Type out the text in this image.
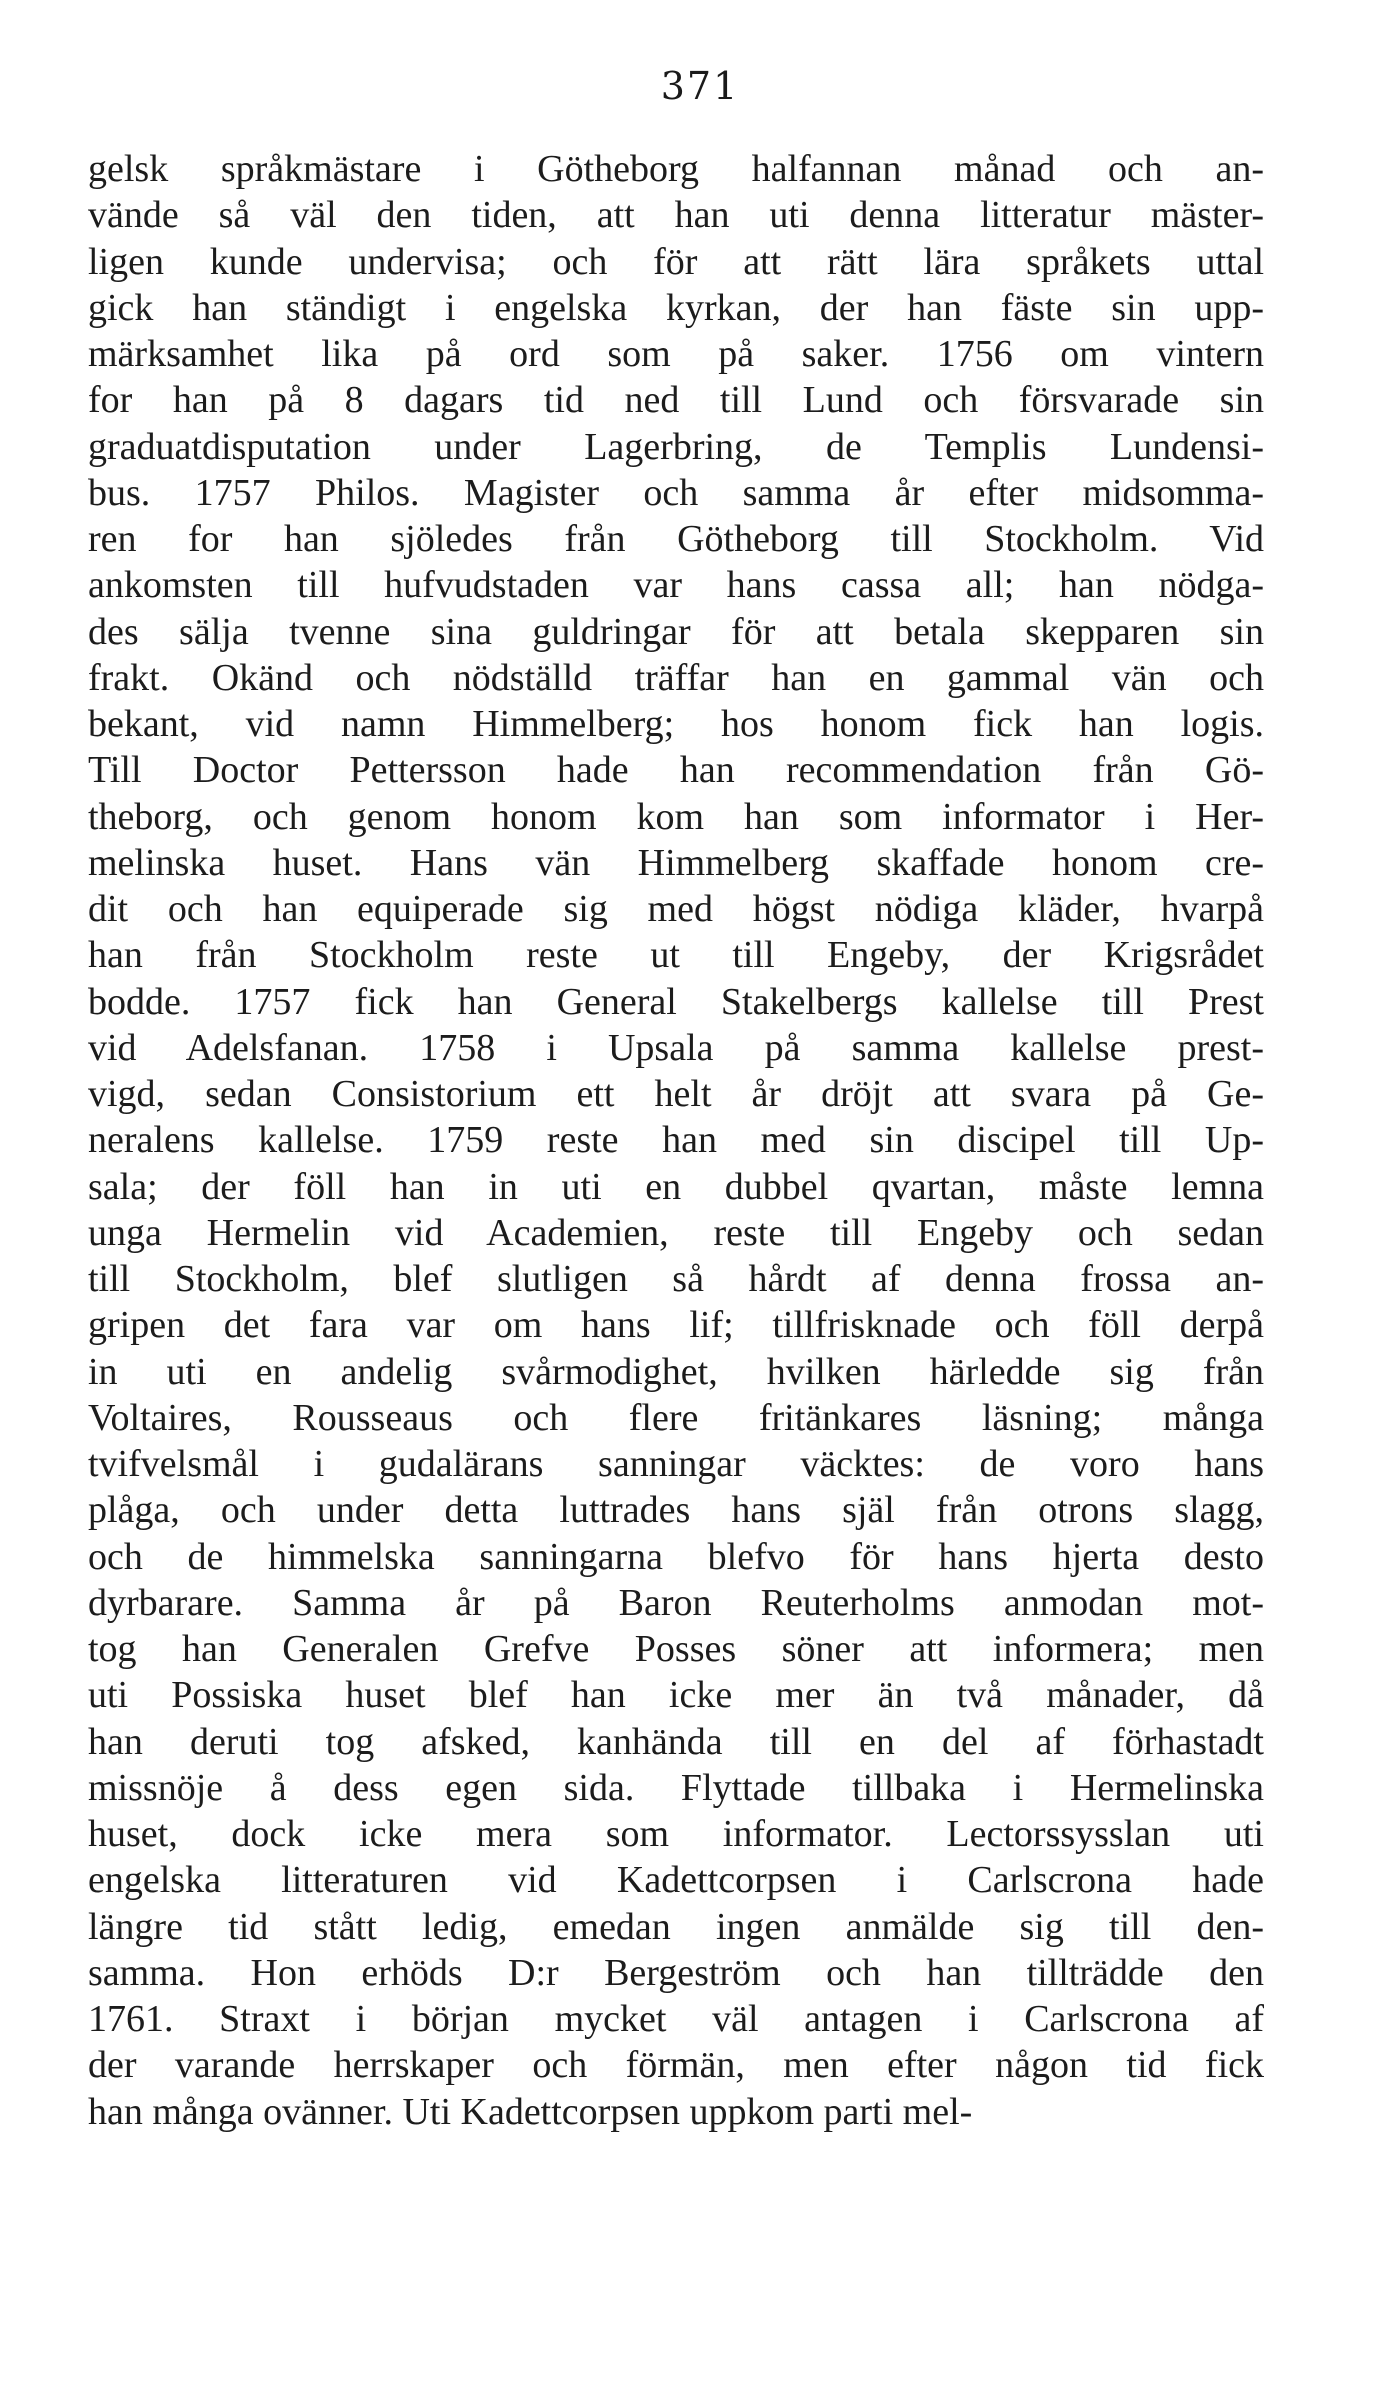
371
gelsk språkmästare i Götheborg halfannan månad och an-
vände så väl den tiden, att han uti denna litteratur mäster-
ligen kunde undervisa; och för att rätt lära språkets uttal
gick han ständigt i engelska kyrkan, der han fäste sin upp-
märksamhet lika på ord som på saker. 1756 om vintern
for han på 8 dagars tid ned till Lund och försvarade sin
graduatdisputation under Lagerbring, de Templis Lundensi-
bus. 1757 Philos. Magister och samma år efter midsomma-
ren for han sjöledes från Götheborg till Stockholm. Vid
ankomsten till hufvudstaden var hans cassa all; han nödga-
des sälja tvenne sina guldringar för att betala skepparen sin
frakt. Okänd och nödställd träffar han en gammal vän och
bekant, vid namn Himmelberg; hos honom fick han logis.
Till Doctor Pettersson hade han recommendation från Gö-
theborg, och genom honom kom han som informator i Her-
melinska huset. Hans vän Himmelberg skaffade honom cre-
dit och han equiperade sig med högst nödiga kläder, hvarpå
han från Stockholm reste ut till Engeby, der Krigsrådet
bodde. 1757 fick han General Stakelbergs kallelse till Prest
vid Adelsfanan. 1758 i Upsala på samma kallelse prest-
vigd, sedan Consistorium ett helt år dröjt att svara på Ge-
neralens kallelse. 1759 reste han med sin discipel till Up-
sala; der föll han in uti en dubbel qvartan, måste lemna
unga Hermelin vid Academien, reste till Engeby och sedan
till Stockholm, blef slutligen så hårdt af denna frossa an-
gripen det fara var om hans lif; tillfrisknade och föll derpå
in uti en andelig svårmodighet, hvilken härledde sig från
Voltaires, Rousseaus och flere fritänkares läsning; många
tvifvelsmål i gudalärans sanningar väcktes: de voro hans
plåga, och under detta luttrades hans själ från otrons slagg,
och de himmelska sanningarna blefvo för hans hjerta desto
dyrbarare. Samma år på Baron Reuterholms anmodan mot-
tog han Generalen Grefve Posses söner att informera; men
uti Possiska huset blef han icke mer än två månader, då
han deruti tog afsked, kanhända till en del af förhastadt
missnöje å dess egen sida. Flyttade tillbaka i Hermelinska
huset, dock icke mera som informator. Lectorssysslan uti
engelska litteraturen vid Kadettcorpsen i Carlscrona hade
längre tid stått ledig, emedan ingen anmälde sig till den-
samma. Hon erhöds D:r Bergeström och han tillträdde den
1761. Straxt i början mycket väl antagen i Carlscrona af
der varande herrskaper och förmän, men efter någon tid fick
han många ovänner. Uti Kadettcorpsen uppkom parti mel-
